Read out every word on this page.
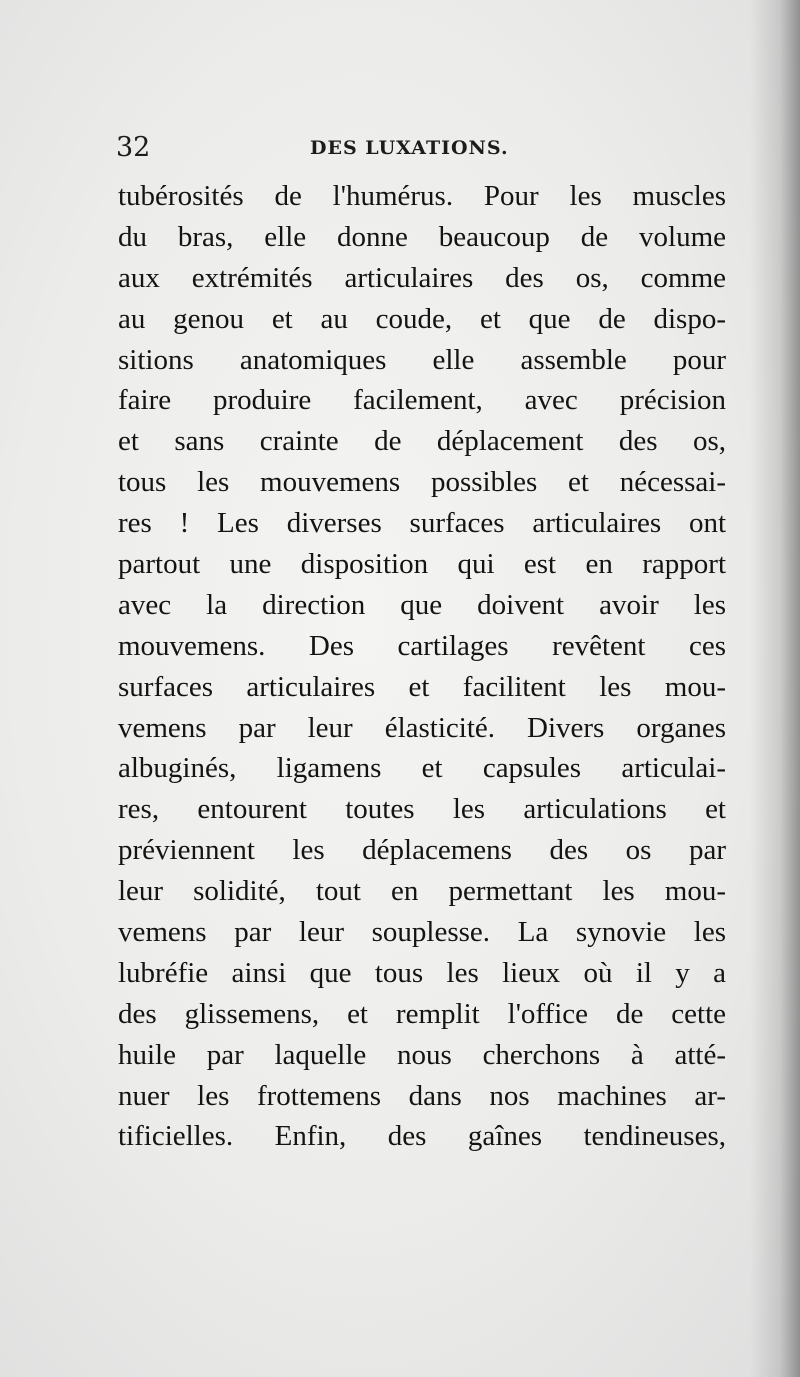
32	DES LUXATIONS.
tubérosités de l'humérus. Pour les muscles
du bras, elle donne beaucoup de volume
aux extrémités articulaires des os, comme
au genou et au coude, et que de dispo-
sitions anatomiques elle assemble pour
faire produire facilement, avec précision
et sans crainte de déplacement des os,
tous les mouvemens possibles et nécessai-
res ! Les diverses surfaces articulaires ont
partout une disposition qui est en rapport
avec la direction que doivent avoir les
mouvemens. Des cartilages revêtent ces
surfaces articulaires et facilitent les mou-
vemens par leur élasticité. Divers organes
albuginés, ligamens et capsules articulai-
res, entourent toutes les articulations et
préviennent les déplacemens des os par
leur solidité, tout en permettant les mou-
vemens par leur souplesse. La synovie les
lubréfie ainsi que tous les lieux où il y a
des glissemens, et remplit l'office de cette
huile par laquelle nous cherchons à atté-
nuer les frottemens dans nos machines ar-
tificielles. Enfin, des gaînes tendineuses,
